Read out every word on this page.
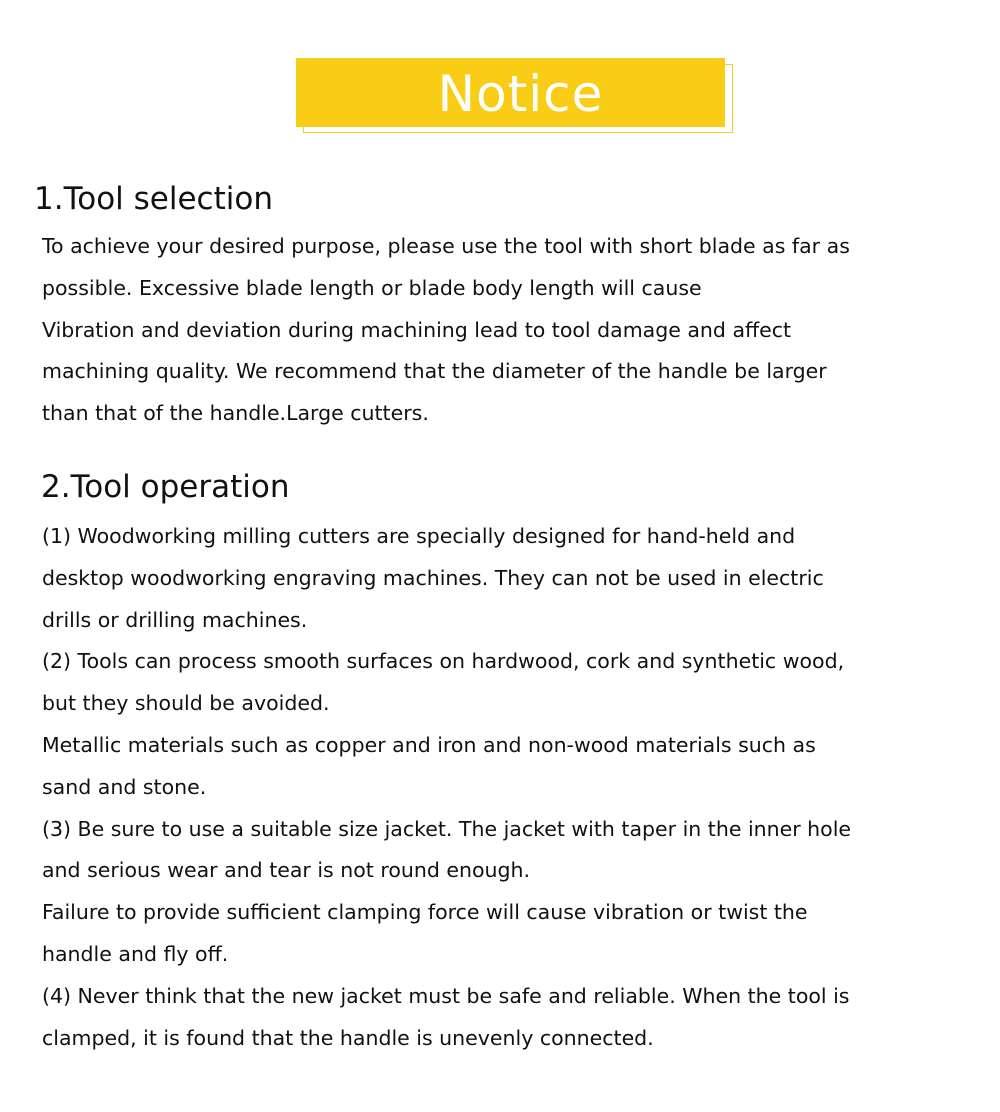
Notice
1.Tool selection
To achieve your desired purpose, please use the tool with short blade as far as
possible. Excessive blade length or blade body length will cause
Vibration and deviation during machining lead to tool damage and affect
machining quality. We recommend that the diameter of the handle be larger
than that of the handle.Large cutters.
2.Tool operation
(1) Woodworking milling cutters are specially designed for hand-held and
desktop woodworking engraving machines. They can not be used in electric
drills or drilling machines.
(2) Tools can process smooth surfaces on hardwood, cork and synthetic wood,
but they should be avoided.
Metallic materials such as copper and iron and non-wood materials such as
sand and stone.
(3) Be sure to use a suitable size jacket. The jacket with taper in the inner hole
and serious wear and tear is not round enough.
Failure to provide sufficient clamping force will cause vibration or twist the
handle and fly off.
(4) Never think that the new jacket must be safe and reliable. When the tool is
clamped, it is found that the handle is unevenly connected.
